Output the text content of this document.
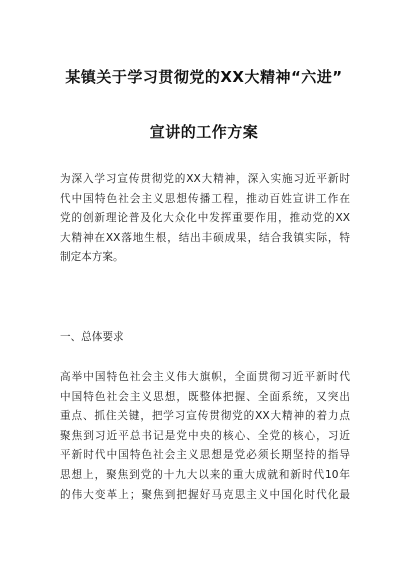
某镇关于学习贯彻党的XX大精神“六进”
宣讲的工作方案
为深入学习宣传贯彻党的XX大精神，深入实施习近平新时
代中国特色社会主义思想传播工程，推动百姓宣讲工作在
党的创新理论普及化大众化中发挥重要作用，推动党的XX
大精神在XX落地生根，结出丰硕成果，结合我镇实际，特
制定本方案。
一、总体要求
高举中国特色社会主义伟大旗帜，全面贯彻习近平新时代
中国特色社会主义思想，既整体把握、全面系统，又突出
重点、抓住关键，把学习宣传贯彻党的XX大精神的着力点
聚焦到习近平总书记是党中央的核心、全党的核心，习近
平新时代中国特色社会主义思想是党必须长期坚持的指导
思想上，聚焦到党的十九大以来的重大成就和新时代10年
的伟大变革上；聚焦到把握好马克思主义中国化时代化最
